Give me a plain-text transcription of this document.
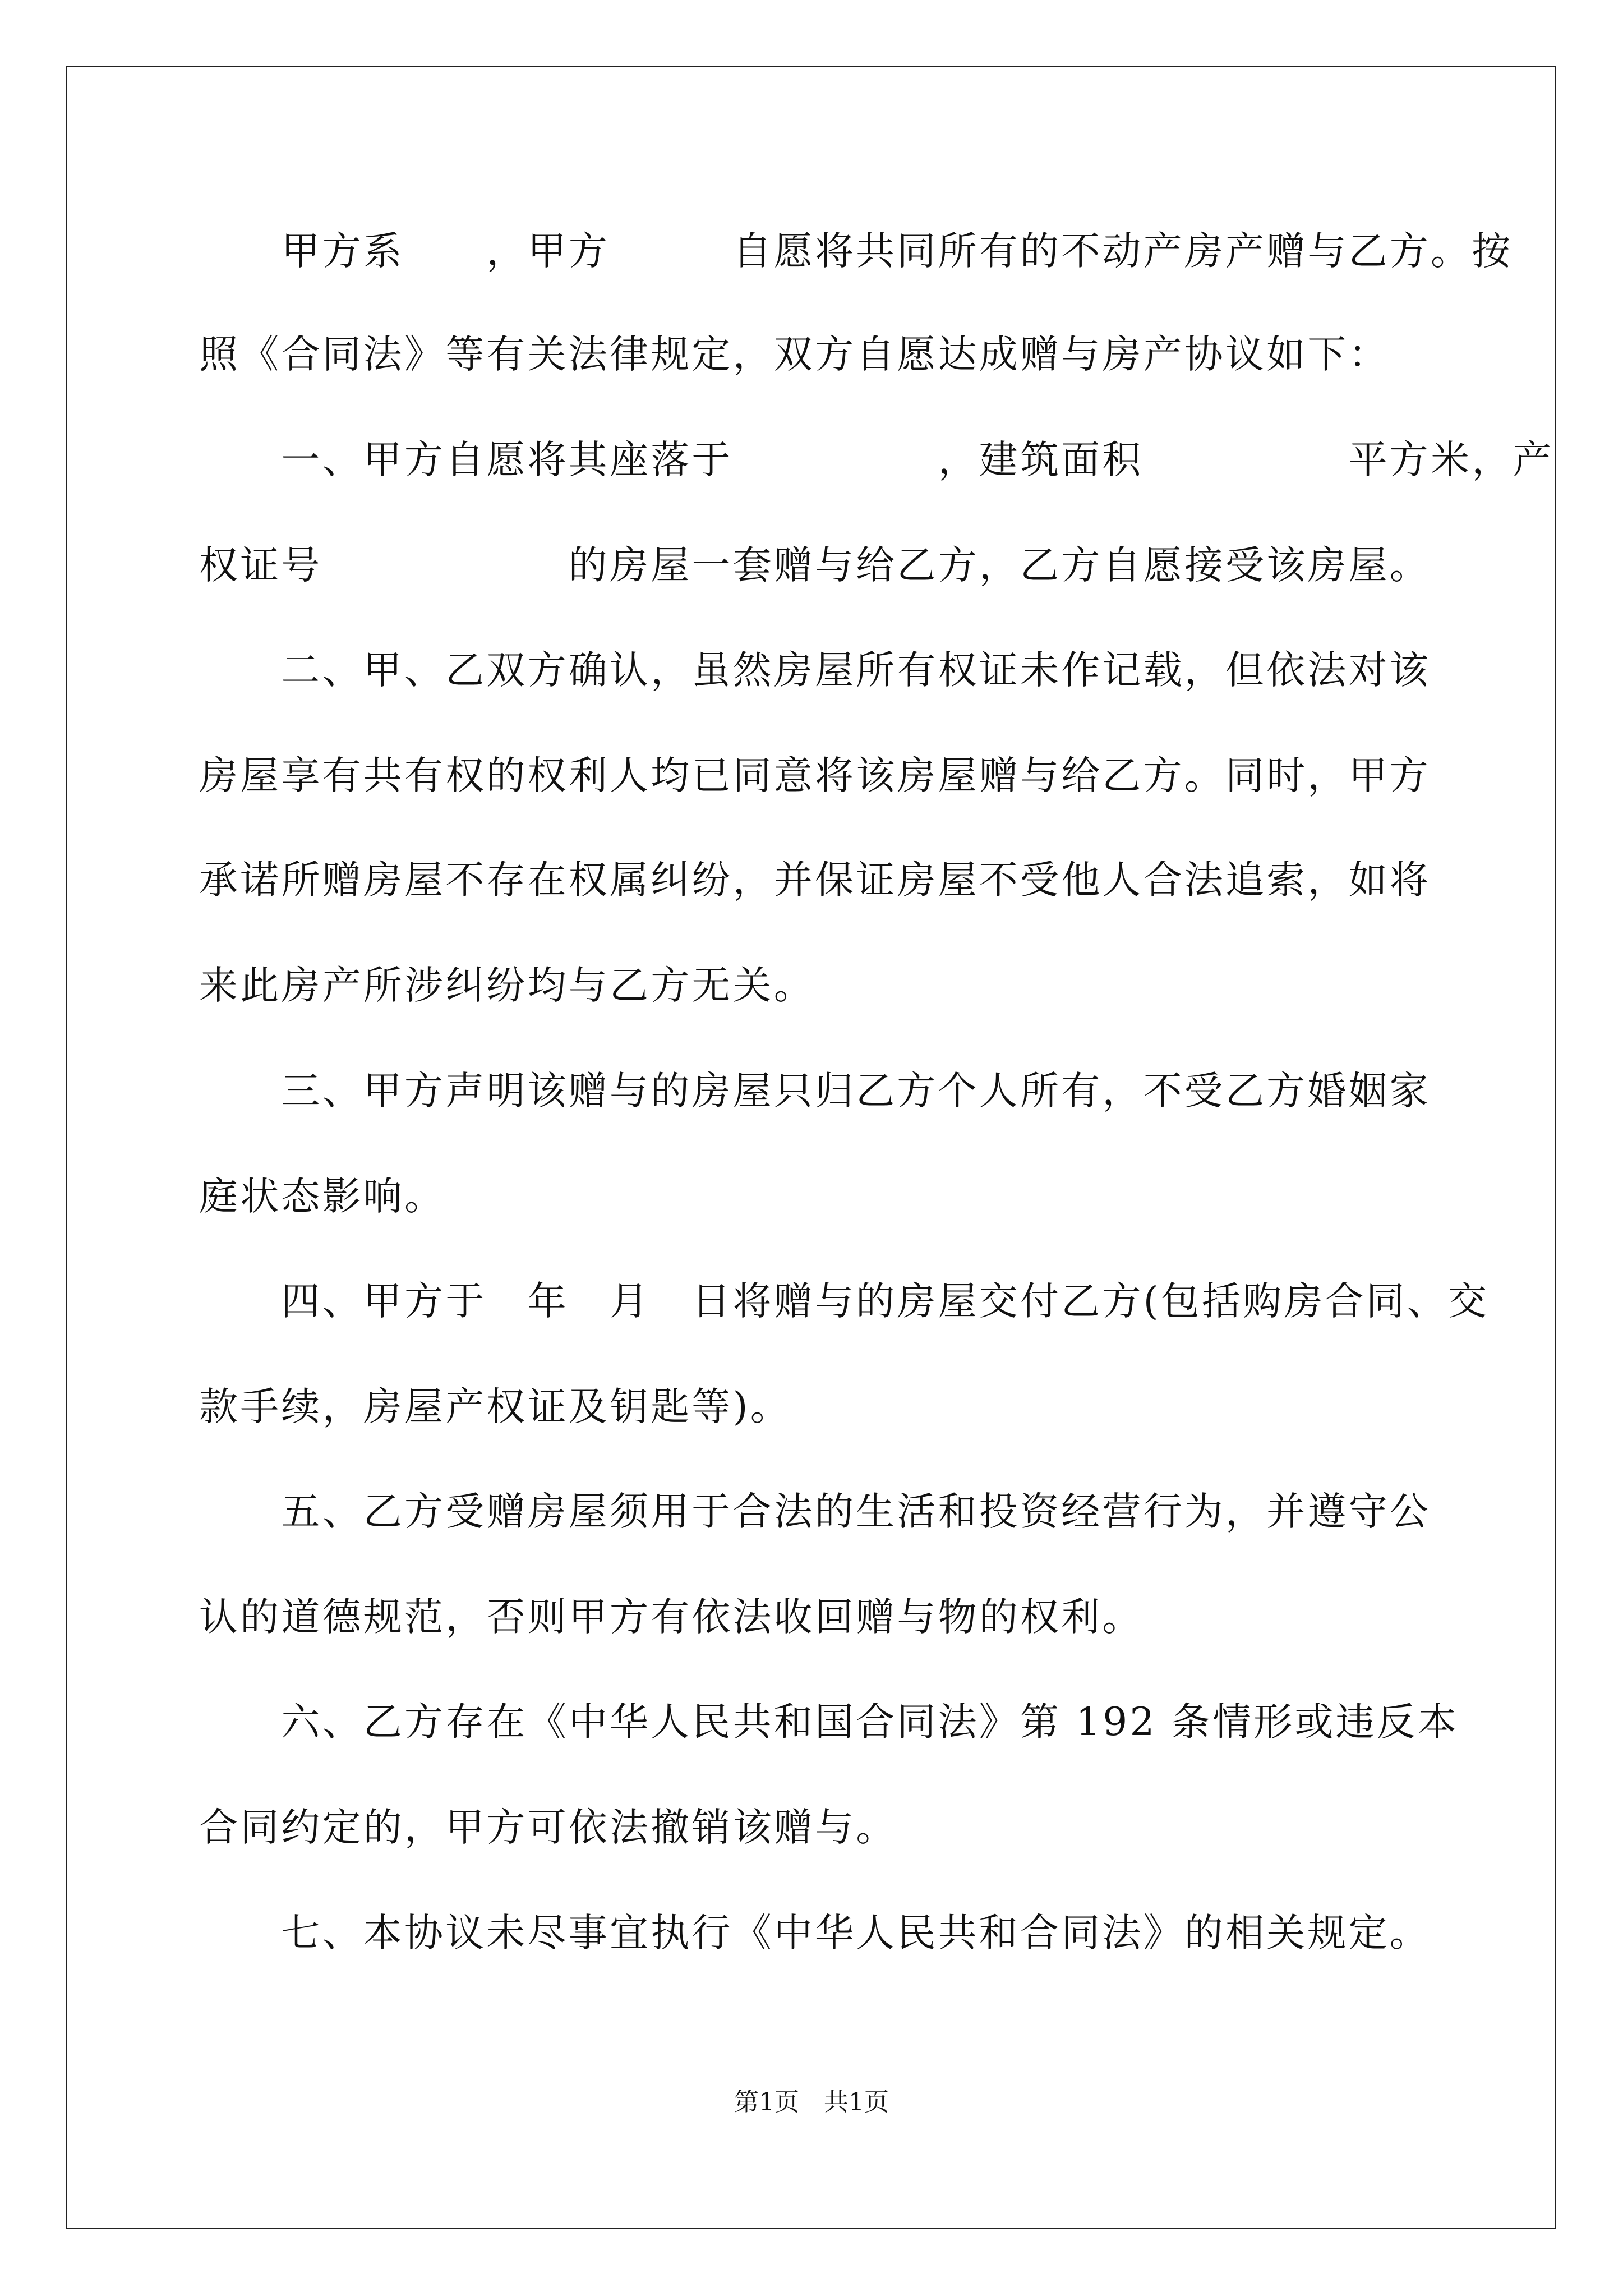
　　甲方系　　，甲方　　　自愿将共同所有的不动产房产赠与乙方。按
照《合同法》等有关法律规定，双方自愿达成赠与房产协议如下：
　　一、甲方自愿将其座落于　　　　　，建筑面积　　　　　平方米，产
权证号　　　　　　的房屋一套赠与给乙方，乙方自愿接受该房屋。
　　二、甲、乙双方确认，虽然房屋所有权证未作记载，但依法对该
房屋享有共有权的权利人均已同意将该房屋赠与给乙方。同时，甲方
承诺所赠房屋不存在权属纠纷，并保证房屋不受他人合法追索，如将
来此房产所涉纠纷均与乙方无关。
　　三、甲方声明该赠与的房屋只归乙方个人所有，不受乙方婚姻家
庭状态影响。
　　四、甲方于　年　月　日将赠与的房屋交付乙方(包括购房合同、交
款手续，房屋产权证及钥匙等)。
　　五、乙方受赠房屋须用于合法的生活和投资经营行为，并遵守公
认的道德规范，否则甲方有依法收回赠与物的权利。
　　六、乙方存在《中华人民共和国合同法》第 192 条情形或违反本
合同约定的，甲方可依法撤销该赠与。
　　七、本协议未尽事宜执行《中华人民共和合同法》的相关规定。
第1页　共1页
